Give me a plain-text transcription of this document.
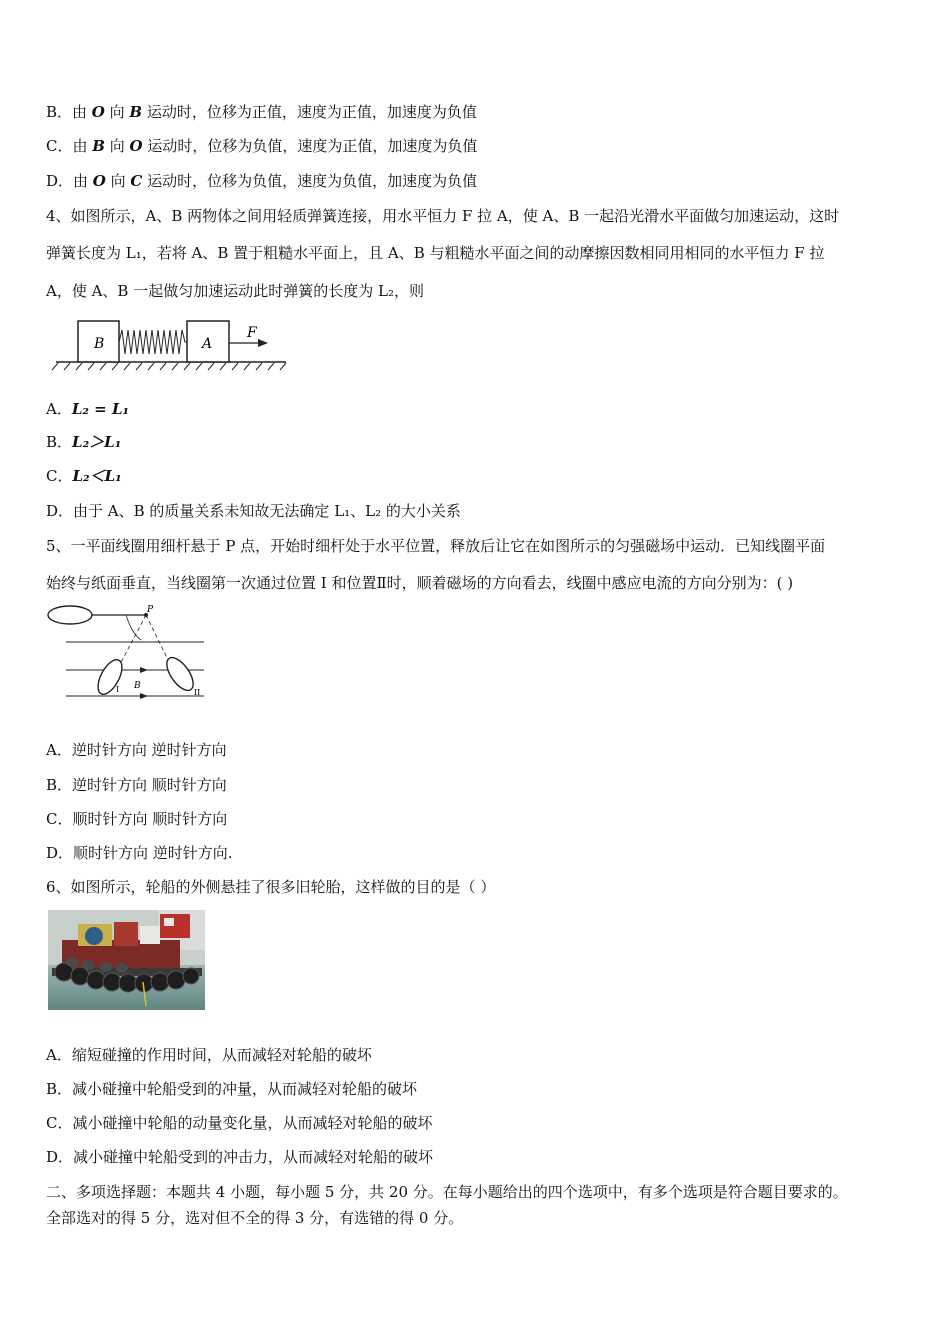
B．由 O 向 B 运动时，位移为正值，速度为正值，加速度为负值
C．由 B 向 O 运动时，位移为负值，速度为正值，加速度为负值
D．由 O 向 C 运动时，位移为负值，速度为负值，加速度为负值
4、如图所示，A、B 两物体之间用轻质弹簧连接，用水平恒力 F 拉 A，使 A、B 一起沿光滑水平面做匀加速运动，这时
弹簧长度为 L₁，若将 A、B 置于粗糙水平面上，且 A、B 与粗糙水平面之间的动摩擦因数相同用相同的水平恒力 F 拉
A，使 A、B 一起做匀加速运动此时弹簧的长度为 L₂，则
B	A
F
A．L₂ = L₁
B．L₂＞L₁
C．L₂＜L₁
D．由于 A、B 的质量关系未知故无法确定 L₁、L₂ 的大小关系
5、一平面线圈用细杆悬于 P 点，开始时细杆处于水平位置，释放后让它在如图所示的匀强磁场中运动．已知线圈平面
始终与纸面垂直，当线圈第一次通过位置 I 和位置Ⅱ时，顺着磁场的方向看去，线圈中感应电流的方向分别为：( )
P
B
I	II
A．逆时针方向 逆时针方向
B．逆时针方向 顺时针方向
C．顺时针方向 顺时针方向
D．顺时针方向 逆时针方向.
6、如图所示，轮船的外侧悬挂了很多旧轮胎，这样做的目的是（ ）
A．缩短碰撞的作用时间，从而减轻对轮船的破坏
B．减小碰撞中轮船受到的冲量，从而减轻对轮船的破坏
C．减小碰撞中轮船的动量变化量，从而减轻对轮船的破坏
D．减小碰撞中轮船受到的冲击力，从而减轻对轮船的破坏
二、多项选择题：本题共 4 小题，每小题 5 分，共 20 分。在每小题给出的四个选项中，有多个选项是符合题目要求的。
全部选对的得 5 分，选对但不全的得 3 分，有选错的得 0 分。
